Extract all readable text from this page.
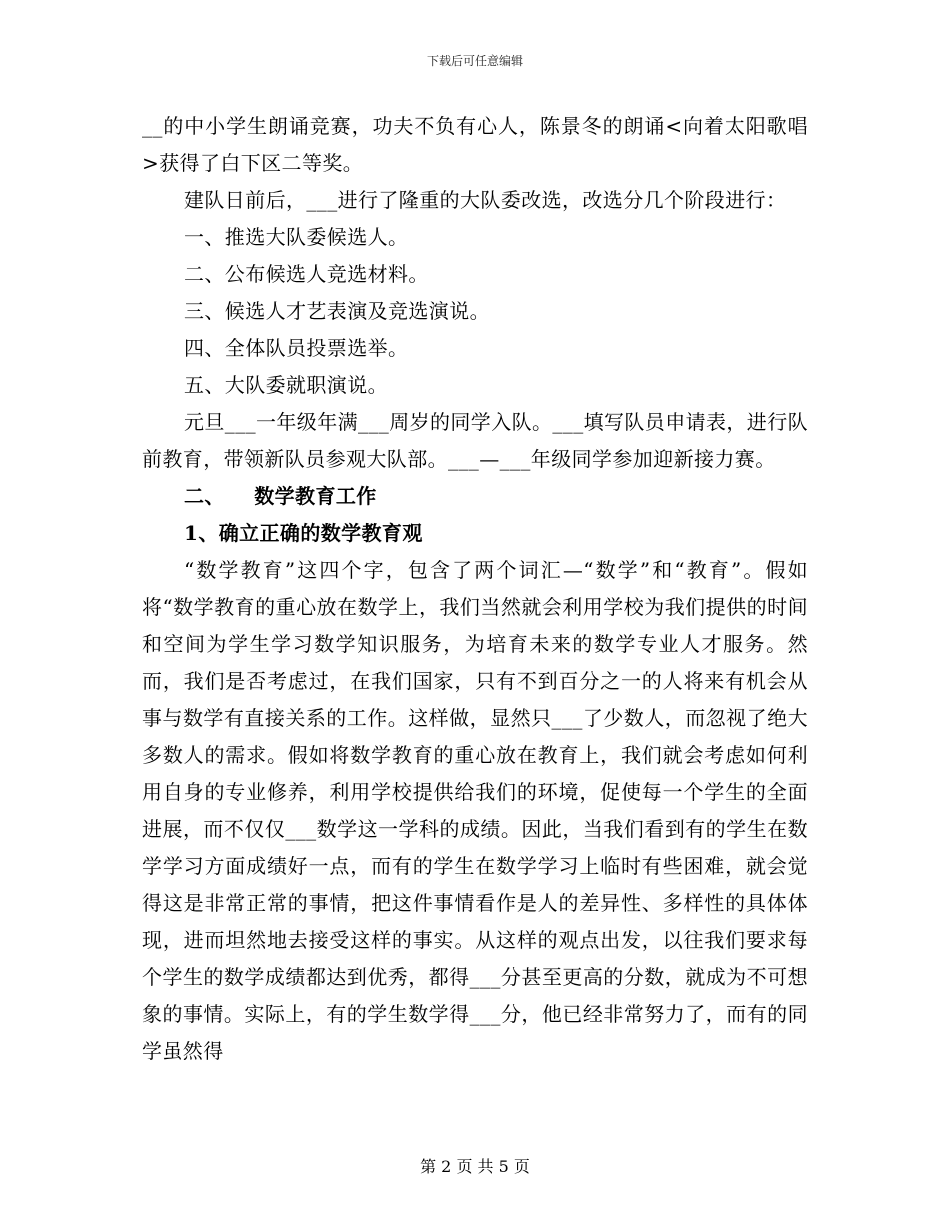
下载后可任意编辑

__的中小学生朗诵竞赛，功夫不负有心人，陈景冬的朗诵<向着太阳歌唱>获得了白下区二等奖。

建队日前后，___进行了隆重的大队委改选，改选分几个阶段进行：

一、推选大队委候选人。

二、公布候选人竞选材料。

三、候选人才艺表演及竞选演说。

四、全体队员投票选举。

五、大队委就职演说。

元旦___一年级年满___周岁的同学入队。___填写队员申请表，进行队前教育，带领新队员参观大队部。___—___年级同学参加迎新接力赛。

二、    数学教育工作

1、确立正确的数学教育观

“数学教育”这四个字，包含了两个词汇—“数学”和“教育”。假如将“数学教育的重心放在数学上，我们当然就会利用学校为我们提供的时间和空间为学生学习数学知识服务，为培育未来的数学专业人才服务。然而，我们是否考虑过，在我们国家，只有不到百分之一的人将来有机会从事与数学有直接关系的工作。这样做，显然只___了少数人，而忽视了绝大多数人的需求。假如将数学教育的重心放在教育上，我们就会考虑如何利用自身的专业修养，利用学校提供给我们的环境，促使每一个学生的全面进展，而不仅仅___数学这一学科的成绩。因此，当我们看到有的学生在数学学习方面成绩好一点，而有的学生在数学学习上临时有些困难，就会觉得这是非常正常的事情，把这件事情看作是人的差异性、多样性的具体体现，进而坦然地去接受这样的事实。从这样的观点出发，以往我们要求每个学生的数学成绩都达到优秀，都得___分甚至更高的分数，就成为不可想象的事情。实际上，有的学生数学得___分，他已经非常努力了，而有的同学虽然得

第 2 页 共 5 页
